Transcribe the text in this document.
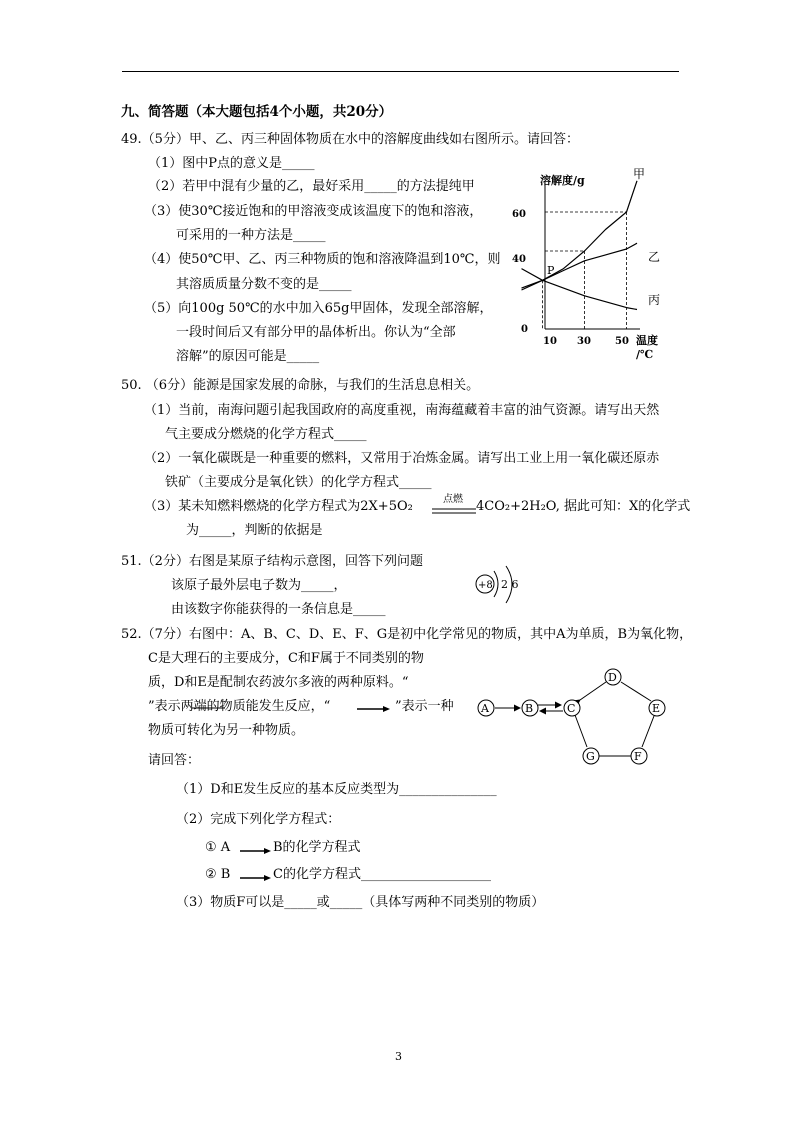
九、简答题（本大题包括4个小题，共20分）
49.（5分）甲、乙、丙三种固体物质在水中的溶解度曲线如右图所示。请回答：
（1）图中P点的意义是_____
（2）若甲中混有少量的乙，最好采用_____的方法提纯甲
（3）使30℃接近饱和的甲溶液变成该温度下的饱和溶液，
可采用的一种方法是_____
（4）使50℃甲、乙、丙三种物质的饱和溶液降温到10℃，则
其溶质质量分数不变的是_____
（5）向100g 50℃的水中加入65g甲固体，发现全部溶解，
一段时间后又有部分甲的晶体析出。你认为“全部
溶解”的原因可能是_____
溶解度/g
温度
/℃
0
40
60
10 30 50
P
甲
乙
丙
50. （6分）能源是国家发展的命脉，与我们的生活息息相关。
（1）当前，南海问题引起我国政府的高度重视，南海蕴藏着丰富的油气资源。请写出天然
气主要成分燃烧的化学方程式_____
（2）一氧化碳既是一种重要的燃料，又常用于冶炼金属。请写出工业上用一氧化碳还原赤
铁矿（主要成分是氧化铁）的化学方程式_____
（3）某未知燃料燃烧的化学方程式为2X+5O₂	点燃 4CO₂+2H₂O, 据此可知：X的化学式
为_____，判断的依据是
51.（2分）右图是某原子结构示意图，回答下列问题
该原子最外层电子数为_____，
由该数字你能获得的一条信息是_____
+8 2 6
52.（7分）右图中：A、B、C、D、E、F、G是初中化学常见的物质，其中A为单质，B为氧化物，
C是大理石的主要成分，C和F属于不同类别的物
质，D和E是配制农药波尔多液的两种原料。“
”表示两端的物质能发生反应，“	”表示一种
物质可转化为另一种物质。
请回答：
A	B	C
D
E
F
G
（1）D和E发生反应的基本反应类型为_______________
（2）完成下列化学方程式：
① A	B的化学方程式
② B	C的化学方程式____________________
（3）物质F可以是_____或_____（具体写两种不同类别的物质）
3
